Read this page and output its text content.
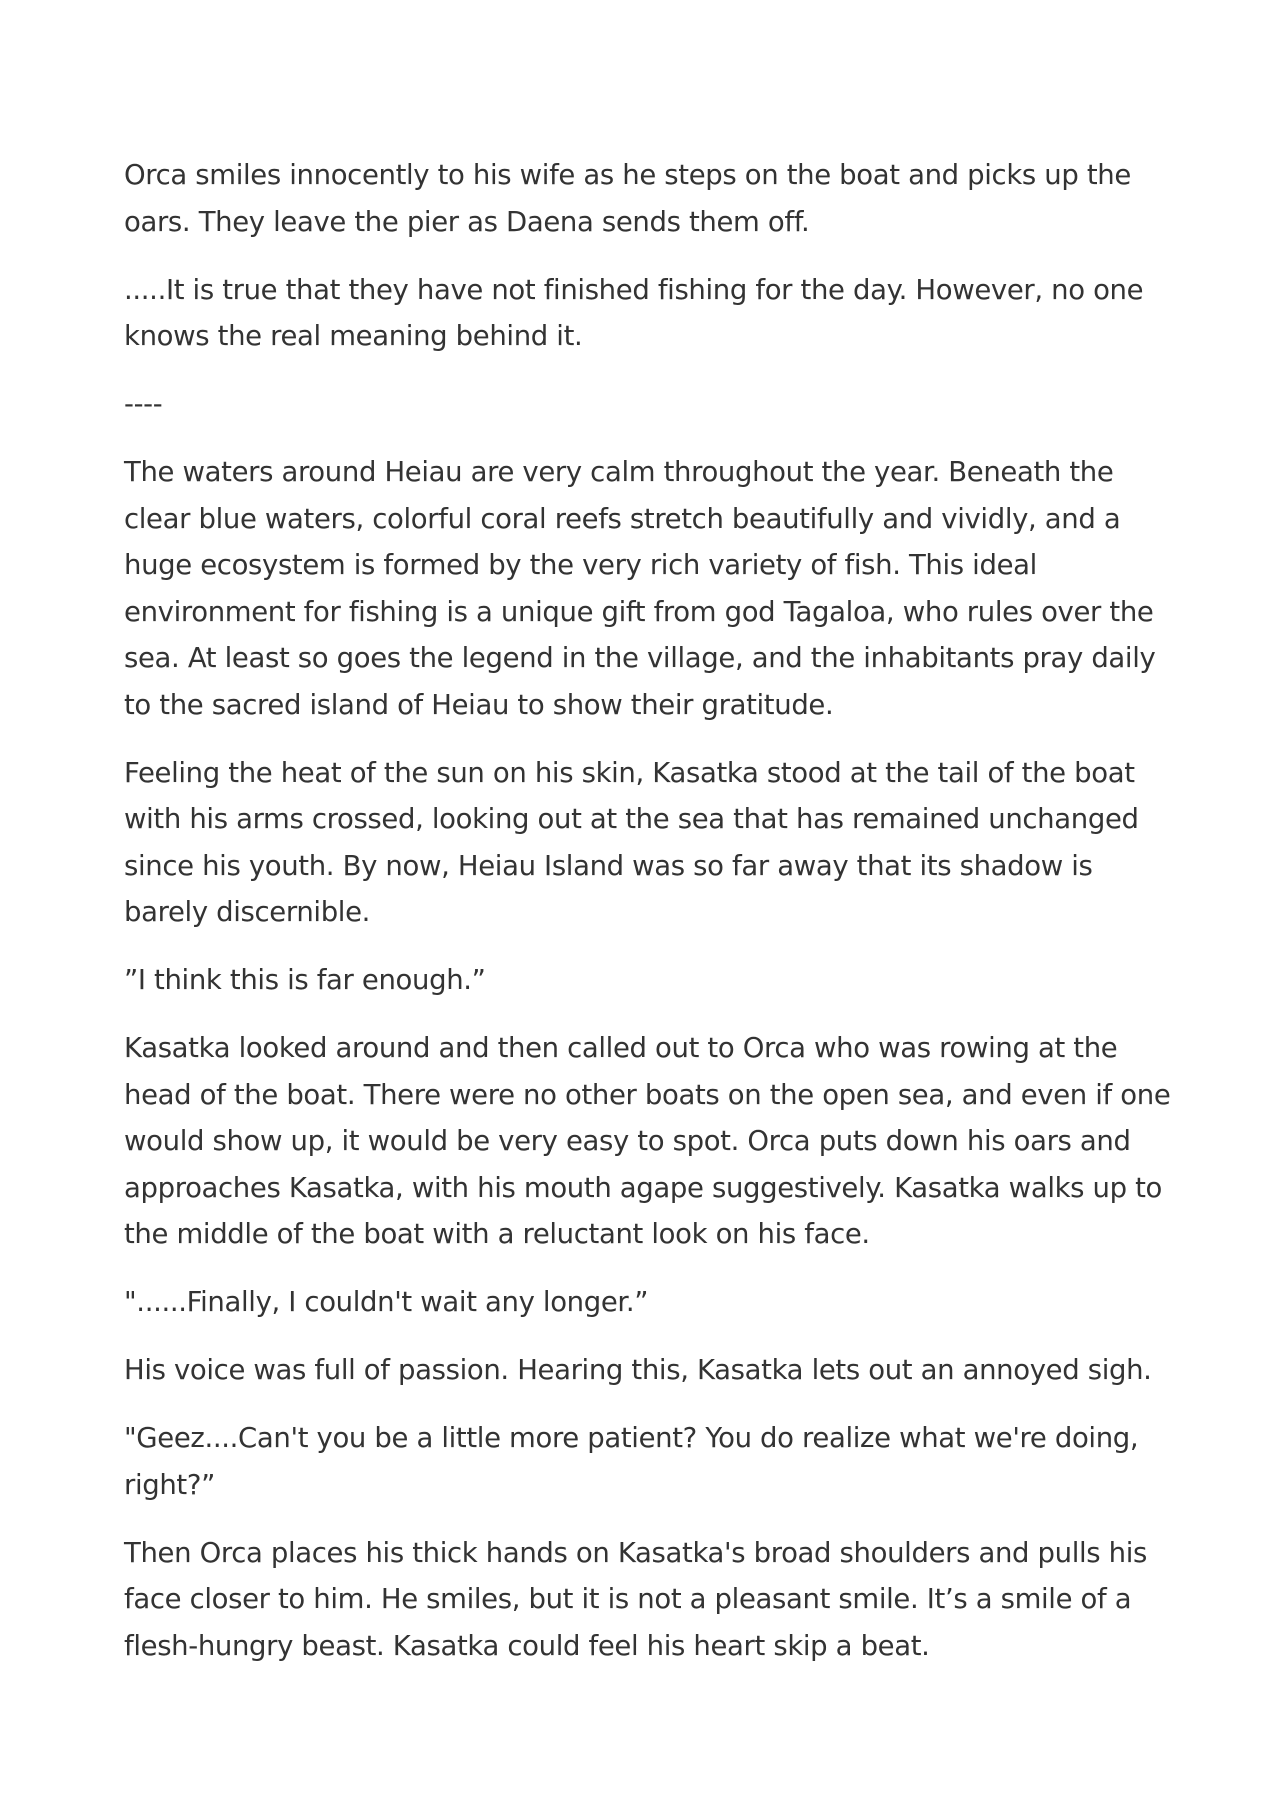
Orca smiles innocently to his wife as he steps on the boat and picks up the oars. They leave the pier as Daena sends them off.

.....It is true that they have not finished fishing for the day. However, no one knows the real meaning behind it.

----

The waters around Heiau are very calm throughout the year. Beneath the clear blue waters, colorful coral reefs stretch beautifully and vividly, and a huge ecosystem is formed by the very rich variety of fish. This ideal environment for fishing is a unique gift from god Tagaloa, who rules over the sea. At least so goes the legend in the village, and the inhabitants pray daily to the sacred island of Heiau to show their gratitude.

Feeling the heat of the sun on his skin, Kasatka stood at the tail of the boat with his arms crossed, looking out at the sea that has remained unchanged since his youth. By now, Heiau Island was so far away that its shadow is barely discernible.

”I think this is far enough.”

Kasatka looked around and then called out to Orca who was rowing at the head of the boat. There were no other boats on the open sea, and even if one would show up, it would be very easy to spot. Orca puts down his oars and approaches Kasatka, with his mouth agape suggestively. Kasatka walks up to the middle of the boat with a reluctant look on his face.

"......Finally, I couldn't wait any longer.”

His voice was full of passion. Hearing this, Kasatka lets out an annoyed sigh.

"Geez....Can't you be a little more patient? You do realize what we're doing, right?”

Then Orca places his thick hands on Kasatka's broad shoulders and pulls his face closer to him. He smiles, but it is not a pleasant smile. It’s a smile of a flesh-hungry beast. Kasatka could feel his heart skip a beat.
